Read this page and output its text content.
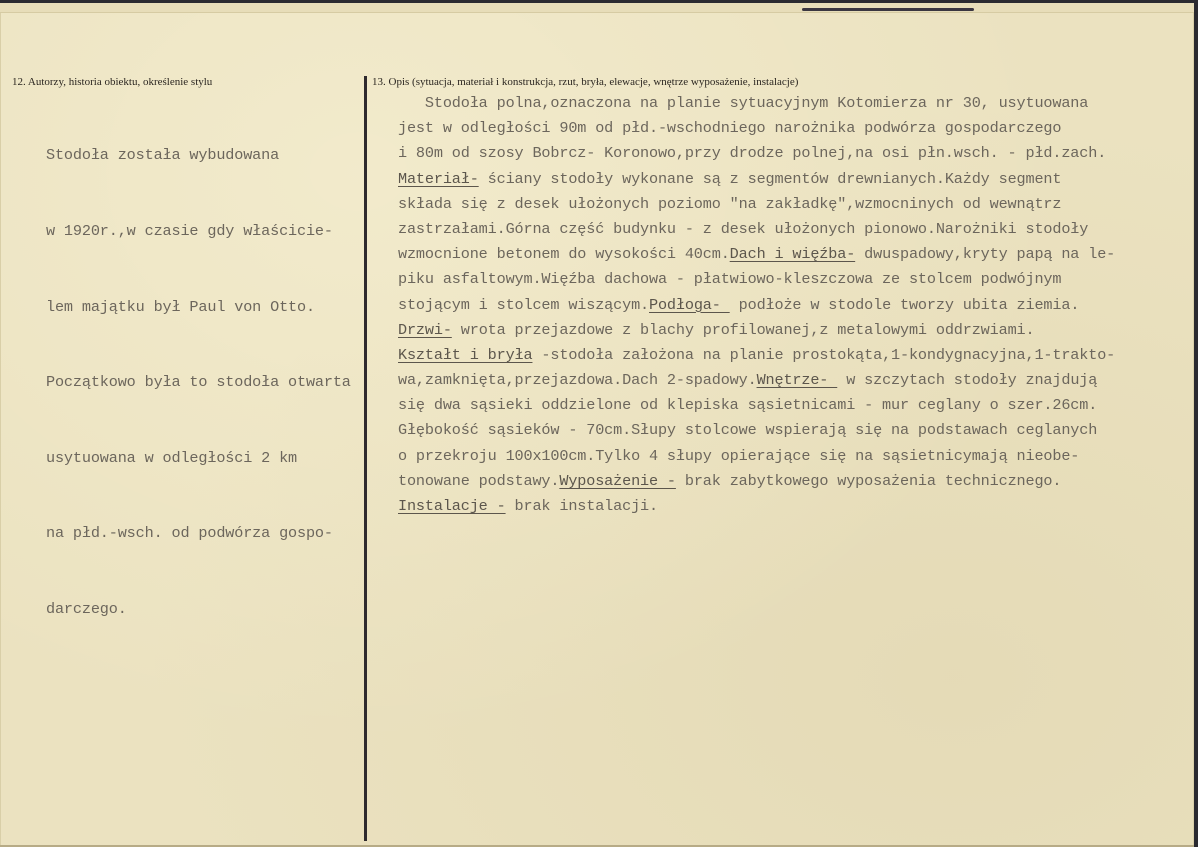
12. Autorzy, historia obiektu, określenie stylu

Stodoła została wybudowana

w 1920r.,w czasie gdy właścicie-

lem majątku był Paul von Otto.

Początkowo była to stodoła otwarta

usytuowana w odległości 2 km

na płd.-wsch. od podwórza gospo-

darczego.

13. Opis (sytuacja, materiał i konstrukcja, rzut, bryła, elewacje, wnętrze wyposażenie, instalacje)
Stodoła polna,oznaczona na planie sytuacyjnym Kotomierza nr 30, usytuowana
jest w odległości 90m od płd.-wschodniego narożnika podwórza gospodarczego
i 80m od szosy Bobrcz- Koronowo,przy drodze polnej,na osi płn.wsch. - płd.zach.
Materiał- ściany stodoły wykonane są z segmentów drewnianych.Każdy segment
składa się z desek ułożonych poziomo "na zakładkę",wzmocninych od wewnątrz
zastrzałami.Górna część budynku - z desek ułożonych pionowo.Narożniki stodoły
wzmocnione betonem do wysokości 40cm.Dach i więźba- dwuspadowy,kryty papą na le-
piku asfaltowym.Więźba dachowa - płatwiowo-kleszczowa ze stolcem podwójnym
stojącym i stolcem wiszącym.Podłoga-  podłoże w stodole tworzy ubita ziemia.
Drzwi- wrota przejazdowe z blachy profilowanej,z metalowymi oddrzwiami.
Kształt i bryła -stodoła założona na planie prostokąta,1-kondygnacyjna,1-trakto-
wa,zamknięta,przejazdowa.Dach 2-spadowy.Wnętrze-  w szczytach stodoły znajdują
się dwa sąsieki oddzielone od klepiska sąsietnicami - mur ceglany o szer.26cm.
Głębokość sąsieków - 70cm.Słupy stolcowe wspierają się na podstawach ceglanych
o przekroju 100x100cm.Tylko 4 słupy opierające się na sąsietnicymają nieobe-
tonowane podstawy.Wyposażenie - brak zabytkowego wyposażenia technicznego.
Instalacje - brak instalacji.
